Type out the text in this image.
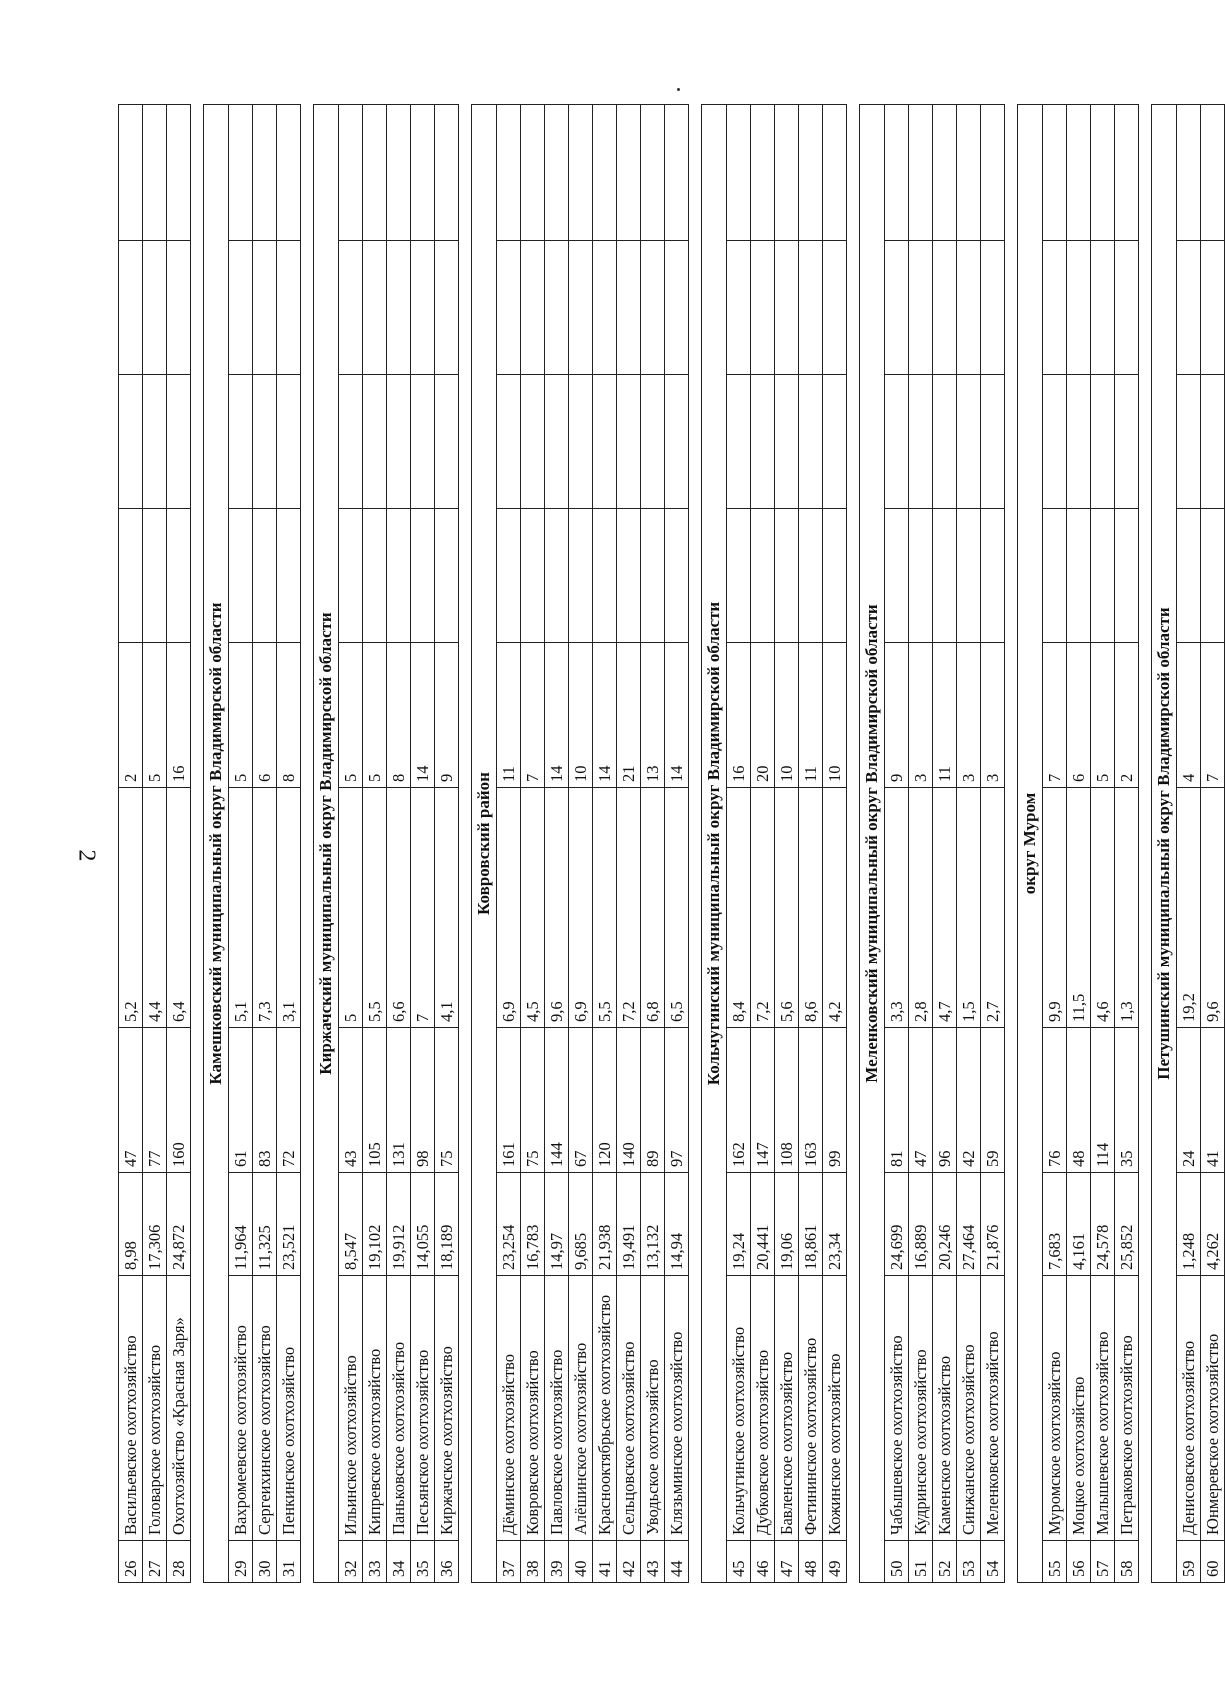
2
26	Васильевское охотхозяйство	8,98	47	5,2	2				
27	Головарское охотхозяйство	17,306	77	4,4	5				
28	Охотхозяйство «Красная Заря»	24,872	160	6,4	16				

Камешковский муниципальный округ Владимирской области									
29	Вахромеевское охотхозяйство	11,964	61	5,1	5				
30	Сергеихинское охотхозяйство	11,325	83	7,3	6				
31	Пенкинское охотхозяйство	23,521	72	3,1	8				

Киржачский муниципальный округ Владимирской области									
32	Ильинское охотхозяйство	8,547	43	5	5				
33	Кипревское охотхозяйство	19,102	105	5,5	5				
34	Паньковское охотхозяйство	19,912	131	6,6	8				
35	Песьянское охотхозяйство	14,055	98	7	14				
36	Киржачское охотхозяйство	18,189	75	4,1	9				

Ковровский район									
37	Дёминское охотхозяйство	23,254	161	6,9	11				
38	Ковровское охотхозяйство	16,783	75	4,5	7				
39	Павловское охотхозяйство	14,97	144	9,6	14				
40	Алёшинское охотхозяйство	9,685	67	6,9	10				
41	Краснооктябрьское охотхозяйство	21,938	120	5,5	14				
42	Сельцовское охотхозяйство	19,491	140	7,2	21				
43	Уводьское охотхозяйство	13,132	89	6,8	13				
44	Клязьминское охотхозяйство	14,94	97	6,5	14				

Кольчугинский муниципальный округ Владимирской области									
45	Кольчугинское охотхозяйство	19,24	162	8,4	16				
46	Дубковское охотхозяйство	20,441	147	7,2	20				
47	Бавленское охотхозяйство	19,06	108	5,6	10				
48	Фетининское охотхозяйство	18,861	163	8,6	11				
49	Кожинское охотхозяйство	23,34	99	4,2	10				

Меленковский муниципальный округ Владимирской области									
50	Чабышевское охотхозяйство	24,699	81	3,3	9				
51	Кудринское охотхозяйство	16,889	47	2,8	3				
52	Каменское охотхозяйство	20,246	96	4,7	11				
53	Синжанское охотхозяйство	27,464	42	1,5	3				
54	Меленковское охотхозяйство	21,876	59	2,7	3				

округ Муром									
55	Муромское охотхозяйство	7,683	76	9,9	7				
56	Моцкое охотхозяйство	4,161	48	11,5	6				
57	Малышевское охотхозяйство	24,578	114	4,6	5				
58	Петраковское охотхозяйство	25,852	35	1,3	2				

Петушинский муниципальный округ Владимирской области									
59	Денисовское охотхозяйство	1,248	24	19,2	4				
60	Юнмеревское охотхозяйство	4,262	41	9,6	7				
